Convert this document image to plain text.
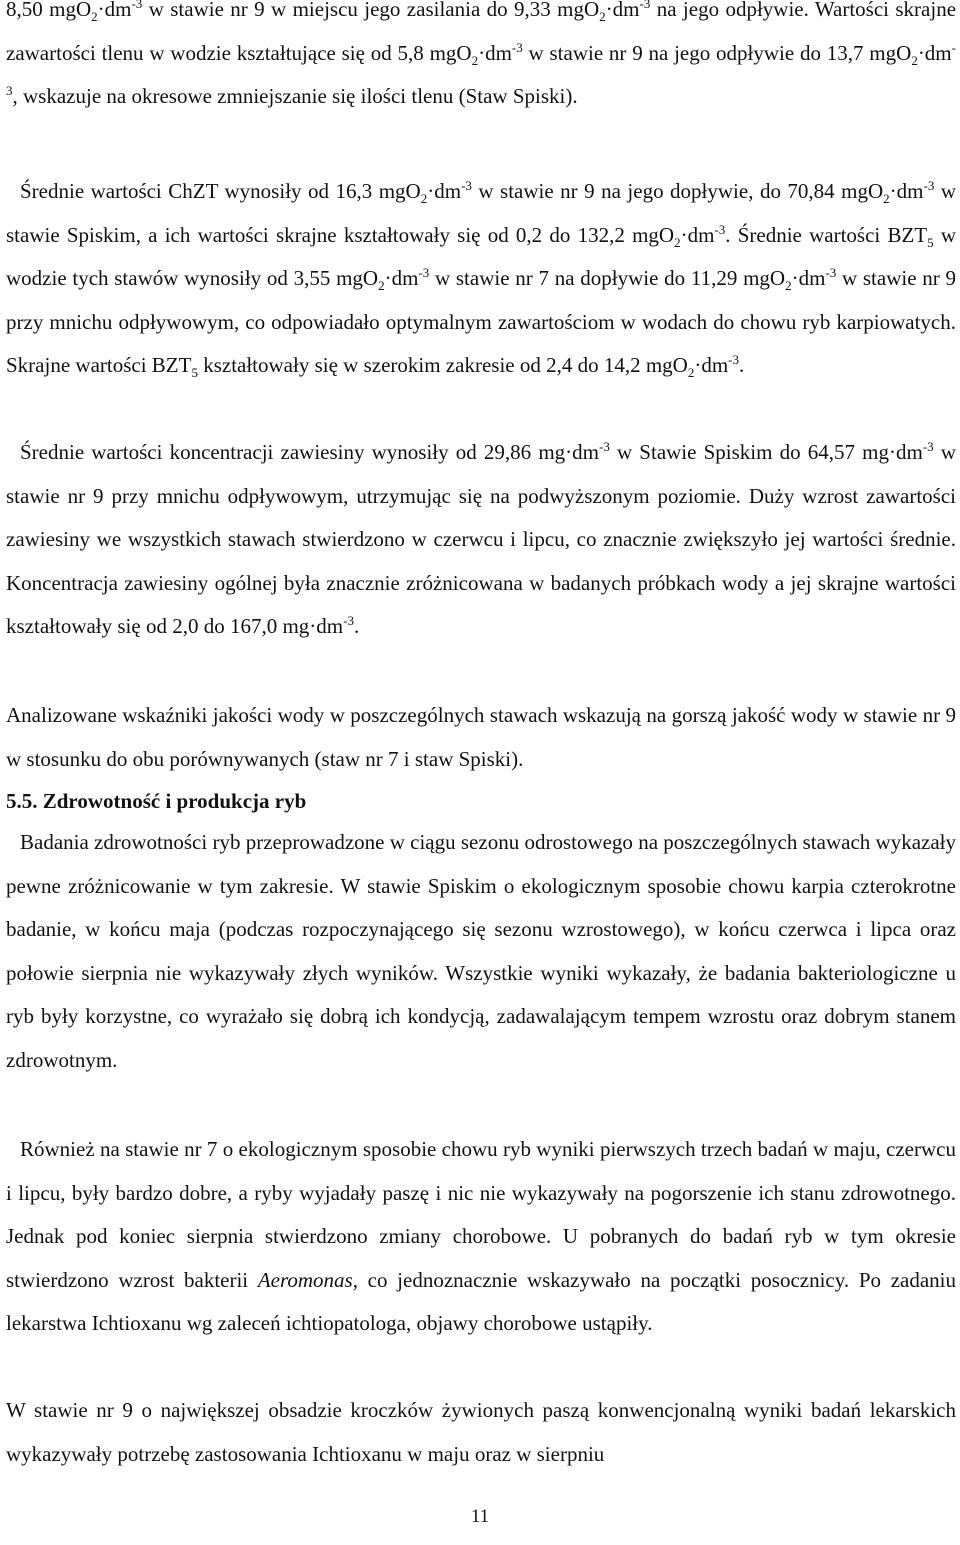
8,50 $mgO_2\cdot dm^{-3}$ w stawie nr 9 w miejscu jego zasilania do 9,33 $mgO_2\cdot dm^{-3}$ na jego odpływie. Wartości skrajne zawartości tlenu w wodzie kształtujące się od 5,8 $mgO_2\cdot dm^{-3}$ w stawie nr 9 na jego odpływie do 13,7 $mgO_2\cdot dm^{-3}$, wskazuje na okresowe zmniejszanie się ilości tlenu (Staw Spiski).
Średnie wartości ChZT wynosiły od 16,3 $mgO_2\cdot dm^{-3}$ w stawie nr 9 na jego dopływie, do 70,84 $mgO_2\cdot dm^{-3}$ w stawie Spiskim, a ich wartości skrajne kształtowały się od 0,2 do 132,2 $mgO_2\cdot dm^{-3}$. Średnie wartości $BZT_5$ w wodzie tych stawów wynosiły od 3,55 $mgO_2\cdot dm^{-3}$ w stawie nr 7 na dopływie do 11,29 $mgO_2\cdot dm^{-3}$ w stawie nr 9 przy mnichu odpływowym, co odpowiadało optymalnym zawartościom w wodach do chowu ryb karpiowatych. Skrajne wartości $BZT_5$ kształtowały się w szerokim zakresie od 2,4 do 14,2 $mgO_2\cdot dm^{-3}$.
Średnie wartości koncentracji zawiesiny wynosiły od 29,86 $mg\cdot dm^{-3}$ w Stawie Spiskim do 64,57 $mg\cdot dm^{-3}$ w stawie nr 9 przy mnichu odpływowym, utrzymując się na podwyższonym poziomie. Duży wzrost zawartości zawiesiny we wszystkich stawach stwierdzono w czerwcu i lipcu, co znacznie zwiększyło jej wartości średnie. Koncentracja zawiesiny ogólnej była znacznie zróżnicowana w badanych próbkach wody a jej skrajne wartości kształtowały się od 2,0 do 167,0 $mg\cdot dm^{-3}$.
Analizowane wskaźniki jakości wody w poszczególnych stawach wskazują na gorszą jakość wody w stawie nr 9 w stosunku do obu porównywanych (staw nr 7 i staw Spiski).
Badania zdrowotności ryb przeprowadzone w ciągu sezonu odrostowego na poszczególnych stawach wykazały pewne zróżnicowanie w tym zakresie. W stawie Spiskim o ekologicznym sposobie chowu karpia czterokrotne badanie, w końcu maja (podczas rozpoczynającego się sezonu wzrostowego), w końcu czerwca i lipca oraz połowie sierpnia nie wykazywały złych wyników. Wszystkie wyniki wykazały, że badania bakteriologiczne u ryb były korzystne, co wyrażało się dobrą ich kondycją, zadawalającym tempem wzrostu oraz dobrym stanem zdrowotnym.
Również na stawie nr 7 o ekologicznym sposobie chowu ryb wyniki pierwszych trzech badań w maju, czerwcu i lipcu, były bardzo dobre, a ryby wyjadały paszę i nic nie wykazywały na pogorszenie ich stanu zdrowotnego. Jednak pod koniec sierpnia stwierdzono zmiany chorobowe. U pobranych do badań ryb w tym okresie stwierdzono wzrost bakterii Aeromonas, co jednoznacznie wskazywało na początki posocznicy. Po zadaniu lekarstwa Ichtioxanu wg zaleceń ichtiopatologa, objawy chorobowe ustąpiły.
W stawie nr 9 o największej obsadzie kroczków żywionych paszą konwencjonalną wyniki badań lekarskich wykazywały potrzebę zastosowania Ichtioxanu w maju oraz w sierpniu
5.5. Zdrowotność i produkcja ryb
11
